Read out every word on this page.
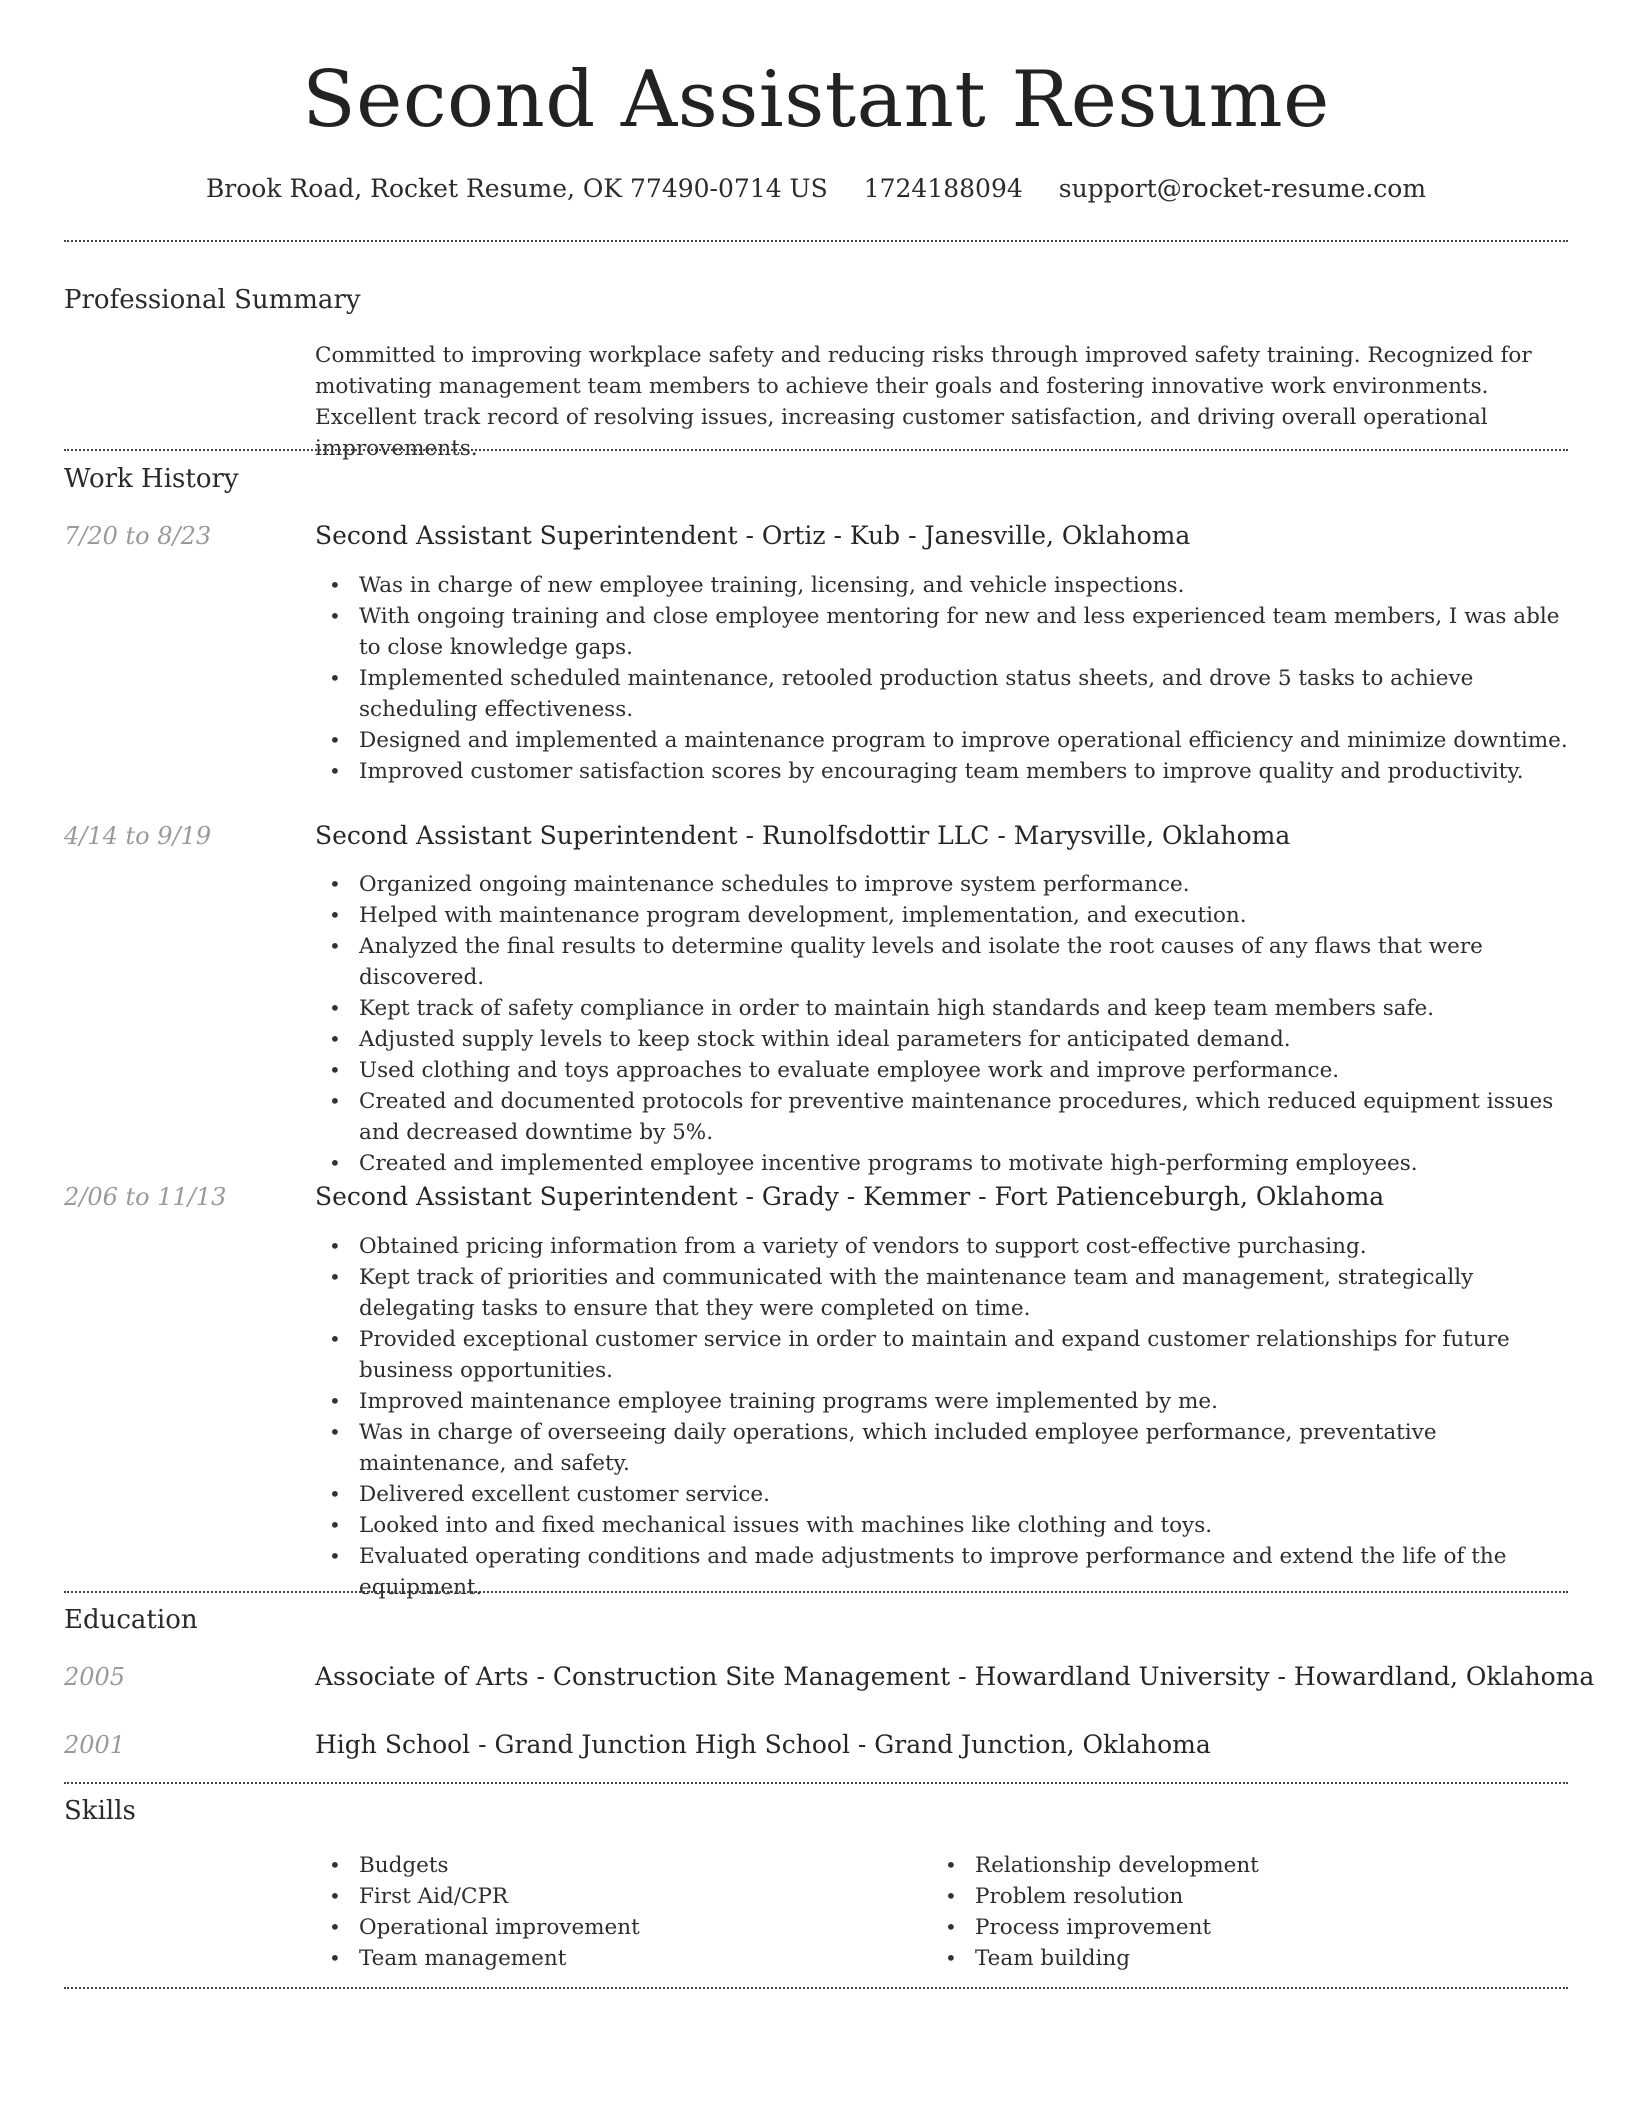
Second Assistant Resume
Brook Road, Rocket Resume, OK 77490-0714 US 1724188094 support@rocket-resume.com
Professional Summary

Committed to improving workplace safety and reducing risks through improved safety training. Recognized for motivating management team members to achieve their goals and fostering innovative work environments. Excellent track record of resolving issues, increasing customer satisfaction, and driving overall operational improvements.

Work History
7/20 to 8/23	Second Assistant Superintendent - Ortiz - Kub - Janesville, Oklahoma
• Was in charge of new employee training, licensing, and vehicle inspections.
• With ongoing training and close employee mentoring for new and less experienced team members, I was able to close knowledge gaps.
• Implemented scheduled maintenance, retooled production status sheets, and drove 5 tasks to achieve scheduling effectiveness.
• Designed and implemented a maintenance program to improve operational efficiency and minimize downtime.
• Improved customer satisfaction scores by encouraging team members to improve quality and productivity.
4/14 to 9/19	Second Assistant Superintendent - Runolfsdottir LLC - Marysville, Oklahoma
• Organized ongoing maintenance schedules to improve system performance.
• Helped with maintenance program development, implementation, and execution.
• Analyzed the final results to determine quality levels and isolate the root causes of any flaws that were discovered.
• Kept track of safety compliance in order to maintain high standards and keep team members safe.
• Adjusted supply levels to keep stock within ideal parameters for anticipated demand.
• Used clothing and toys approaches to evaluate employee work and improve performance.
• Created and documented protocols for preventive maintenance procedures, which reduced equipment issues and decreased downtime by 5%.
• Created and implemented employee incentive programs to motivate high-performing employees.
2/06 to 11/13	Second Assistant Superintendent - Grady - Kemmer - Fort Patienceburgh, Oklahoma
• Obtained pricing information from a variety of vendors to support cost-effective purchasing.
• Kept track of priorities and communicated with the maintenance team and management, strategically delegating tasks to ensure that they were completed on time.
• Provided exceptional customer service in order to maintain and expand customer relationships for future business opportunities.
• Improved maintenance employee training programs were implemented by me.
• Was in charge of overseeing daily operations, which included employee performance, preventative maintenance, and safety.
• Delivered excellent customer service.
• Looked into and fixed mechanical issues with machines like clothing and toys.
• Evaluated operating conditions and made adjustments to improve performance and extend the life of the equipment.
Education
2005	Associate of Arts - Construction Site Management - Howardland University - Howardland, Oklahoma
2001	High School - Grand Junction High School - Grand Junction, Oklahoma
Skills
• Budgets
• First Aid/CPR
• Operational improvement
• Team management
• Relationship development
• Problem resolution
• Process improvement
• Team building
